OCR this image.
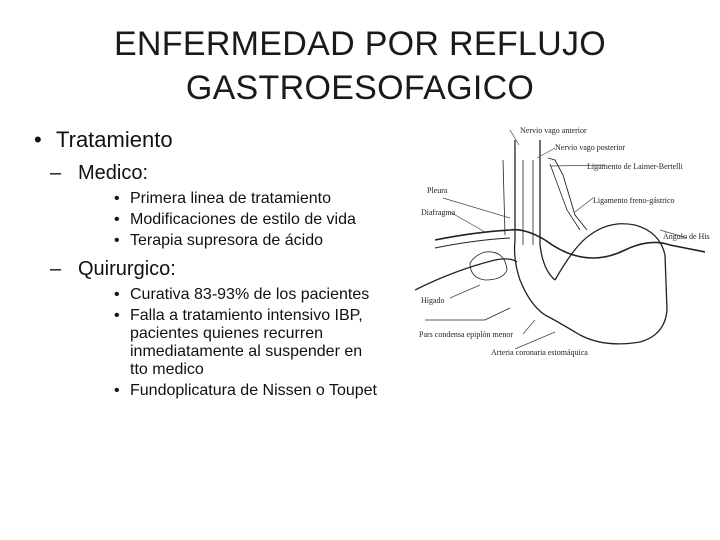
ENFERMEDAD POR REFLUJO
GASTROESOFAGICO
• Tratamiento
– Medico:
• Primera linea de tratamiento
• Modificaciones de estilo de vida
• Terapia supresora de ácido
– Quirurgico:
• Curativa 83-93% de los pacientes
• Falla a tratamiento intensivo IBP, pacientes quienes recurren inmediatamente al suspender en tto medico
• Fundoplicatura de Nissen o Toupet
Nervio vago anterior
Nervio vago posterior
Pleura
Ligamento de Laimer-Bertelli
Diafragma
Ligamento freno-gástrico
Ángulo de His
Hígado
Pars condensa epiplón menor
Arteria coronaria estomáquica
